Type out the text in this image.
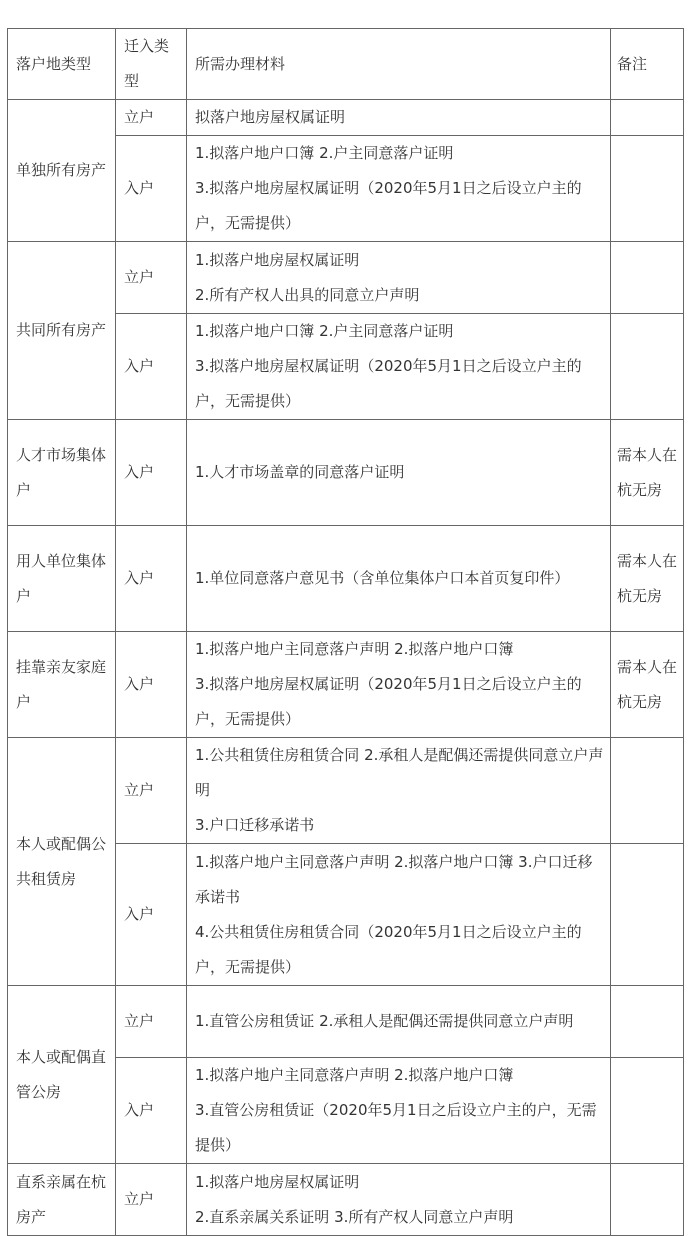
落户地类型	迁入类型	所需办理材料	备注
单独所有房产	立户	拟落户地房屋权属证明	

	入户	1.拟落户地户口簿 2.户主同意落户证明
3.拟落户地房屋权属证明（2020年5月1日之后设立户主的户，无需提供）	

共同所有房产	立户	1.拟落户地房屋权属证明
2.所有产权人出具的同意立户声明	

	入户	1.拟落户地户口簿 2.户主同意落户证明
3.拟落户地房屋权属证明（2020年5月1日之后设立户主的户，无需提供）	

人才市场集体户	入户	1.人才市场盖章的同意落户证明	需本人在杭无房
用人单位集体户	入户	1.单位同意落户意见书（含单位集体户口本首页复印件）	需本人在杭无房
挂靠亲友家庭户	入户	1.拟落户地户主同意落户声明 2.拟落户地户口簿
3.拟落户地房屋权属证明（2020年5月1日之后设立户主的户，无需提供）	需本人在杭无房
本人或配偶公共租赁房	立户	1.公共租赁住房租赁合同 2.承租人是配偶还需提供同意立户声明
3.户口迁移承诺书	

	入户	1.拟落户地户主同意落户声明 2.拟落户地户口簿 3.户口迁移承诺书
4.公共租赁住房租赁合同（2020年5月1日之后设立户主的户，无需提供）	

本人或配偶直管公房	立户	1.直管公房租赁证 2.承租人是配偶还需提供同意立户声明	

	入户	1.拟落户地户主同意落户声明 2.拟落户地户口簿
3.直管公房租赁证（2020年5月1日之后设立户主的户，无需提供）	

直系亲属在杭房产	立户	1.拟落户地房屋权属证明
2.直系亲属关系证明 3.所有产权人同意立户声明	
